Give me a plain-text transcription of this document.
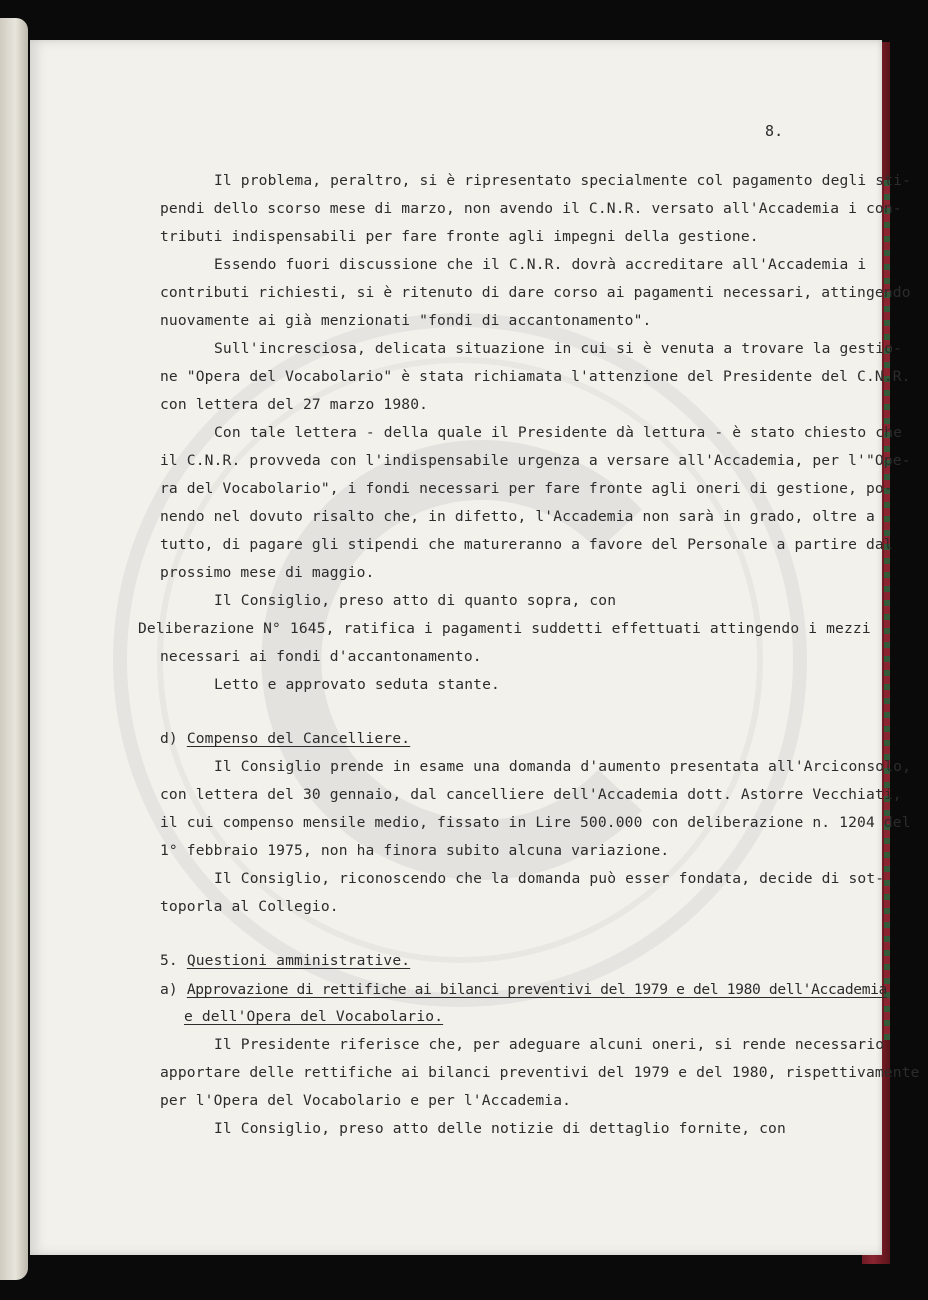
8.
Il problema, peraltro, si è ripresentato specialmente col pagamento degli sti-
pendi dello scorso mese di marzo, non avendo il C.N.R. versato all'Accademia i con-
tributi indispensabili per fare fronte agli impegni della gestione.
Essendo fuori discussione che il C.N.R. dovrà accreditare all'Accademia i
contributi richiesti, si è ritenuto di dare corso ai pagamenti necessari, attingendo
nuovamente ai già menzionati "fondi di accantonamento".
Sull'incresciosa, delicata situazione in cui si è venuta a trovare la gestio-
ne "Opera del Vocabolario" è stata richiamata l'attenzione del Presidente del C.N.R.
con lettera del 27 marzo 1980.
Con tale lettera - della quale il Presidente dà lettura - è stato chiesto che
il C.N.R. provveda con l'indispensabile urgenza a versare all'Accademia, per l'"Ope-
ra del Vocabolario", i fondi necessari per fare fronte agli oneri di gestione, po-
nendo nel dovuto risalto che, in difetto, l'Accademia non sarà in grado, oltre a
tutto, di pagare gli stipendi che matureranno a favore del Personale a partire dal
prossimo mese di maggio.
Il Consiglio, preso atto di quanto sopra, con
Deliberazione N° 1645, ratifica i pagamenti suddetti effettuati attingendo i mezzi
necessari ai fondi d'accantonamento.
Letto e approvato seduta stante.
d) Compenso del Cancelliere.
Il Consiglio prende in esame una domanda d'aumento presentata all'Arciconsolo,
con lettera del 30 gennaio, dal cancelliere dell'Accademia dott. Astorre Vecchiati,
il cui compenso mensile medio, fissato in Lire 500.000 con deliberazione n. 1204 del
1° febbraio 1975, non ha finora subito alcuna variazione.
Il Consiglio, riconoscendo che la domanda può esser fondata, decide di sot-
toporla al Collegio.
5. Questioni amministrative.
a) Approvazione di rettifiche ai bilanci preventivi del 1979 e del 1980 dell'Accademia
e dell'Opera del Vocabolario.
Il Presidente riferisce che, per adeguare alcuni oneri, si rende necessario
apportare delle rettifiche ai bilanci preventivi del 1979 e del 1980, rispettivamente
per l'Opera del Vocabolario e per l'Accademia.
Il Consiglio, preso atto delle notizie di dettaglio fornite, con
